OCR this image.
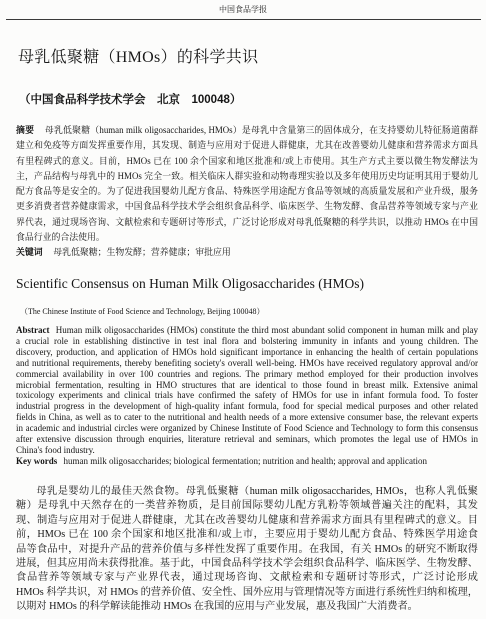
中国食品学报
母乳低聚糖（HMOs）的科学共识
（中国食品科学技术学会　北京　100048）
摘要 母乳低聚糖（human milk oligosaccharides, HMOs）是母乳中含量第三的固体成分，在支持婴幼儿特征肠道菌群
建立和免疫等方面发挥重要作用，其发现、制造与应用对于促进人群健康，尤其在改善婴幼儿健康和营养需求方面具
有里程碑式的意义。目前，HMOs 已在 100 余个国家和地区批准和/或上市使用。其生产方式主要以微生物发酵法为
主，产品结构与母乳中的 HMOs 完全一致。相关临床人群实验和动物毒理实验以及多年使用历史均证明其用于婴幼儿
配方食品等是安全的。为了促进我国婴幼儿配方食品、特殊医学用途配方食品等领域的高质量发展和产业升级，服务
更多消费者营养健康需求，中国食品科学技术学会组织食品科学、临床医学、生物发酵、食品营养等领域专家与产业
界代表，通过现场咨询、文献检索和专题研讨等形式，广泛讨论形成对母乳低聚糖的科学共识，以推动 HMOs 在中国
食品行业的合法使用。
关键词 母乳低聚糖；生物发酵；营养健康；审批应用
Scientific Consensus on Human Milk Oligosaccharides (HMOs)
（The Chinese Institute of Food Science and Technology, Beijing 100048）
Abstract Human milk oligosaccharides (HMOs) constitute the third most abundant solid component in human milk and play
a crucial role in establishing distinctive in test inal flora and bolstering immunity in infants and young children. The
discovery, production, and application of HMOs hold significant importance in enhancing the health of certain populations
and nutritional requirements, thereby benefiting society's overall well-being. HMOs have received regulatory approval and/or
commercial availability in over 100 countries and regions. The primary method employed for their production involves
microbial fermentation, resulting in HMO structures that are identical to those found in breast milk. Extensive animal
toxicology experiments and clinical trials have confirmed the safety of HMOs for use in infant formula food. To foster
industrial progress in the development of high-quality infant formula, food for special medical purposes and other related
fields in China, as well as to cater to the nutritional and health needs of a more extensive consumer base, the relevant experts
in academic and industrial circles were organized by Chinese Institute of Food Science and Technology to form this consensus
after extensive discussion through enquiries, literature retrieval and seminars, which promotes the legal use of HMOs in
China's food industry.
Key words human milk oligosaccharides; biological fermentation; nutrition and health; approval and application
母乳是婴幼儿的最佳天然食物。母乳低聚糖（human milk oligosaccharides, HMOs，也称人乳低聚
糖）是母乳中天然存在的一类营养物质，是目前国际婴幼儿配方乳粉等领域普遍关注的配料，其发
现、制造与应用对于促进人群健康，尤其在改善婴幼儿健康和营养需求方面具有里程碑式的意义。目
前，HMOs 已在 100 余个国家和地区批准和/或上市，主要应用于婴幼儿配方食品、特殊医学用途食
品等食品中，对提升产品的营养价值与多样性发挥了重要作用。在我国，有关 HMOs 的研究不断取得
进展，但其应用尚未获得批准。基于此，中国食品科学技术学会组织食品科学、临床医学、生物发酵、
食品营养等领域专家与产业界代表，通过现场咨询、文献检索和专题研讨等形式，广泛讨论形成
HMOs 科学共识，对 HMOs 的营养价值、安全性、国外应用与管理情况等方面进行系统性归纳和梳理，
以期对 HMOs 的科学解读能推动 HMOs 在我国的应用与产业发展，惠及我国广大消费者。
